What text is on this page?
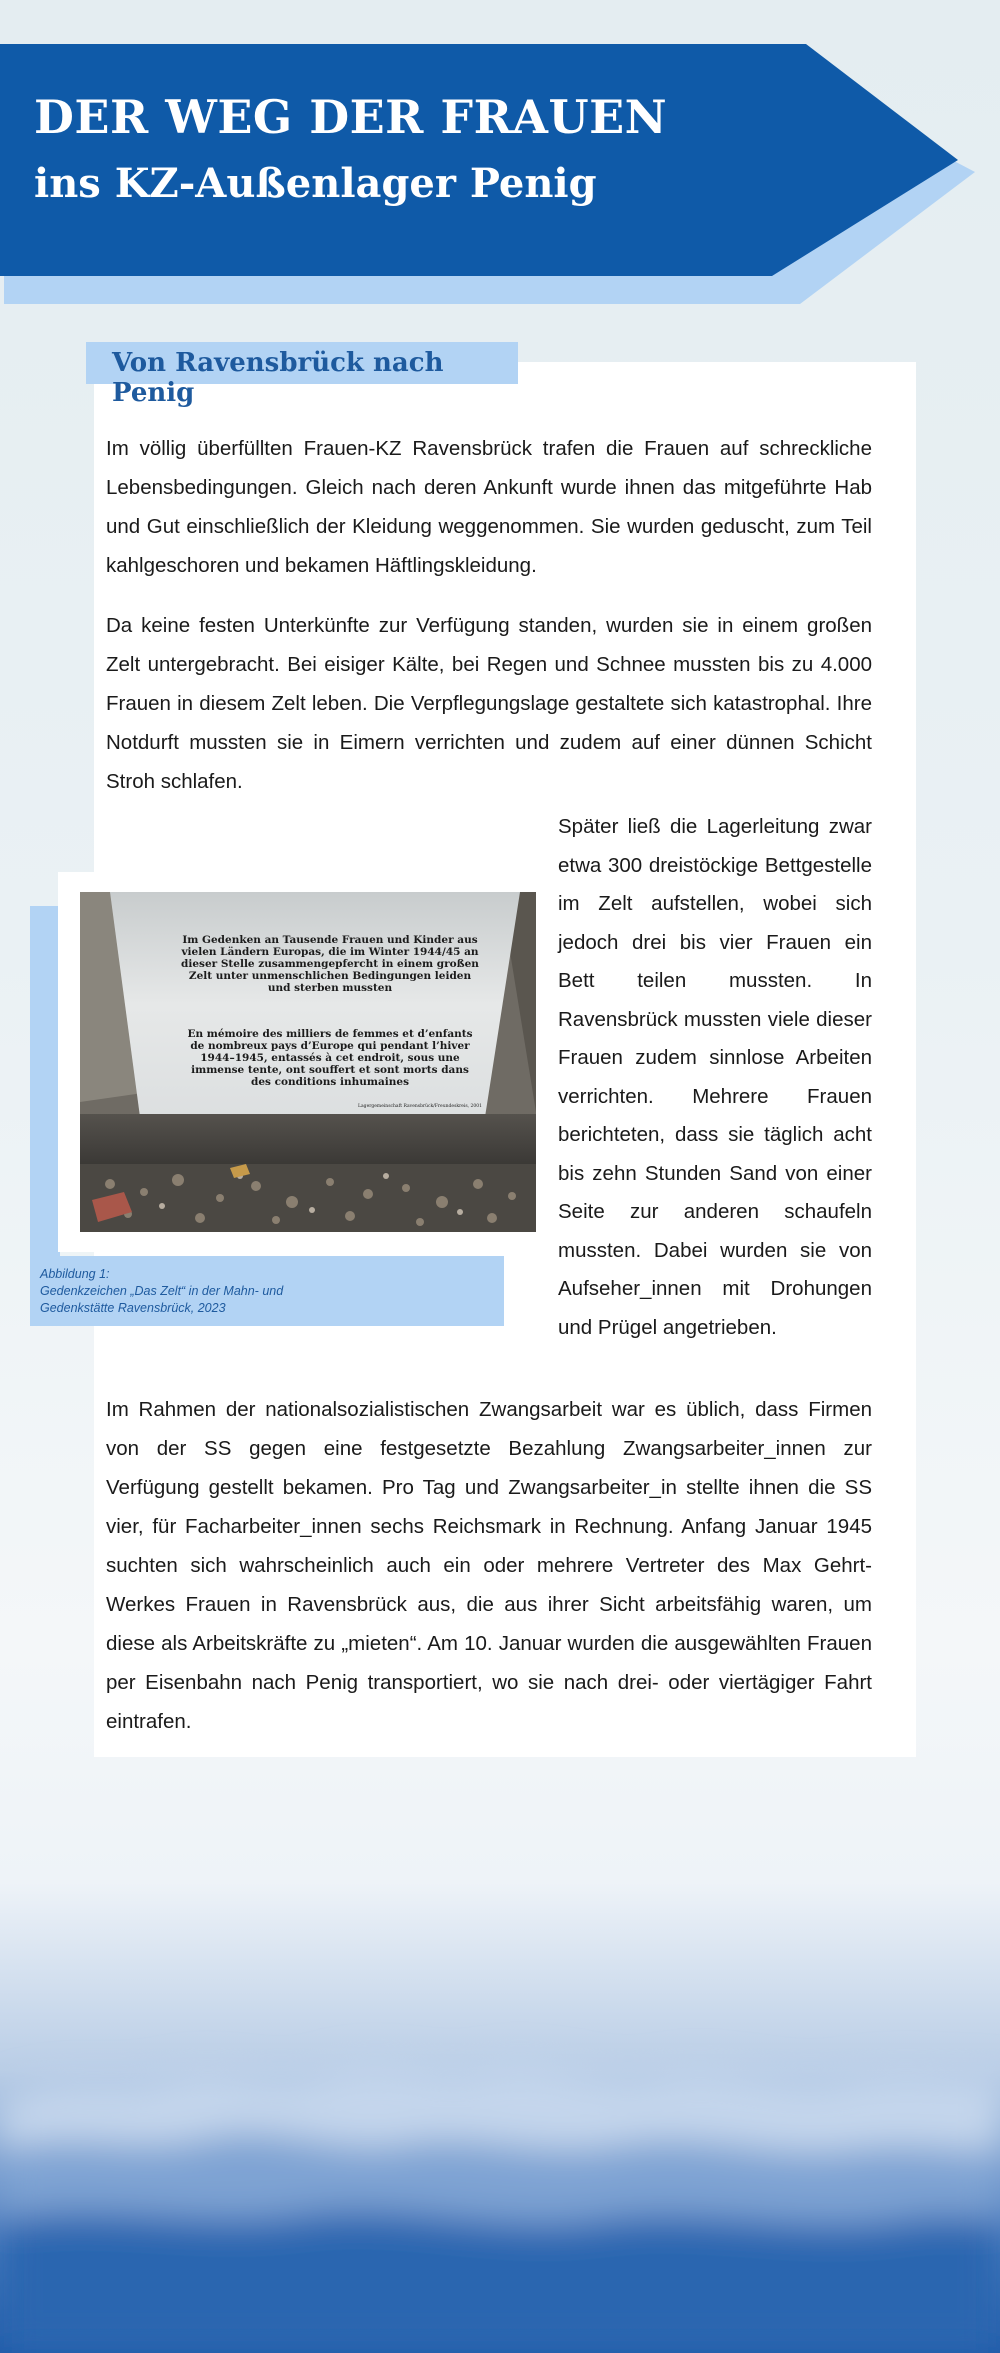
DER WEG DER FRAUEN
ins KZ-Außenlager Penig
Von Ravensbrück nach Penig

Im völlig überfüllten Frauen-KZ Ravensbrück trafen die Frauen auf schreckliche Lebensbedingungen. Gleich nach deren Ankunft wurde ihnen das mitgeführte Hab und Gut einschließlich der Kleidung weggenommen. Sie wurden geduscht, zum Teil kahlgeschoren und bekamen Häftlingskleidung.

Da keine festen Unterkünfte zur Verfügung standen, wurden sie in einem großen Zelt untergebracht. Bei eisiger Kälte, bei Regen und Schnee mussten bis zu 4.000 Frauen in diesem Zelt leben. Die Verpflegungslage gestaltete sich katastrophal. Ihre Notdurft mussten sie in Eimern verrichten und zudem auf einer dünnen Schicht Stroh schlafen.

Später ließ die Lagerleitung zwar etwa 300 dreistöckige Bettgestelle im Zelt aufstellen, wobei sich jedoch drei bis vier Frauen ein Bett teilen mussten. In Ravensbrück mussten viele dieser Frauen zudem sinnlose Arbeiten verrichten. Mehrere Frauen berichteten, dass sie täglich acht bis zehn Stunden Sand von einer Seite zur anderen schaufeln mussten. Dabei wurden sie von Aufseher_innen mit Drohungen und Prügel angetrieben.

Im Rahmen der nationalsozialistischen Zwangsarbeit war es üblich, dass Firmen von der SS gegen eine festgesetzte Bezahlung Zwangsarbeiter_innen zur Verfügung gestellt bekamen. Pro Tag und Zwangsarbeiter_in stellte ihnen die SS vier, für Facharbeiter_innen sechs Reichsmark in Rechnung. Anfang Januar 1945 suchten sich wahrscheinlich auch ein oder mehrere Vertreter des Max Gehrt-Werkes Frauen in Ravensbrück aus, die aus ihrer Sicht arbeitsfähig waren, um diese als Arbeitskräfte zu „mieten“. Am 10. Januar wurden die ausgewählten Frauen per Eisenbahn nach Penig transportiert, wo sie nach drei- oder viertägiger Fahrt eintrafen.

Im Gedenken an Tausende Frauen und Kinder aus vielen Ländern Europas, die im Winter 1944/45 an dieser Stelle zusammengepfercht in einem großen Zelt unter unmenschlichen Bedingungen leiden und sterben mussten
En mémoire des milliers de femmes et d’enfants de nombreux pays d’Europe qui pendant l’hiver 1944–1945, entassés à cet endroit, sous une immense tente, ont souffert et sont morts dans des conditions inhumaines
Lagergemeinschaft Ravensbrück/Freundeskreis, 2001
Abbildung 1:
Gedenkzeichen „Das Zelt“ in der Mahn- und
Gedenkstätte Ravensbrück, 2023
